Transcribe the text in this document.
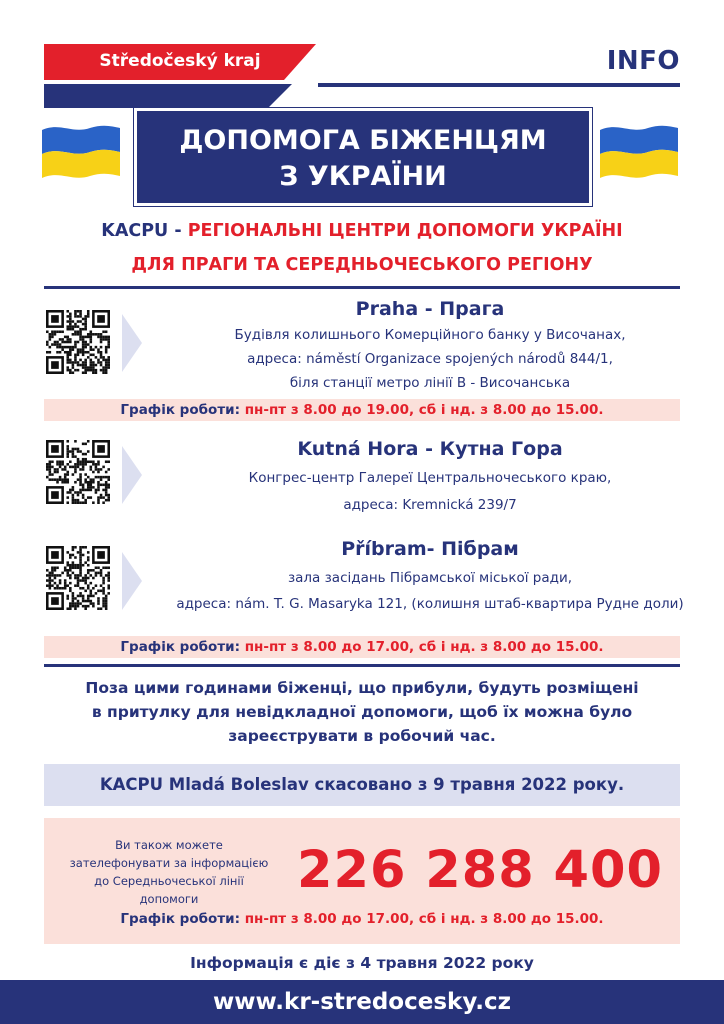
Středočeský kraj	INFO
ДОПОМОГА БІЖЕНЦЯМ
З УКРАЇНИ
KACPU - РЕГІОНАЛЬНІ ЦЕНТРИ ДОПОМОГИ УКРАЇНІ
ДЛЯ ПРАГИ ТА СЕРЕДНЬОЧЕСЬКОГО РЕГІОНУ
Praha - Прага
Будівля колишнього Комерційного банку у Височанах,
адреса: náměstí Organizace spojených národů 844/1,
біля станції метро лінії B - Височанська
Графік роботи: пн-пт з 8.00 до 19.00, сб і нд. з 8.00 до 15.00.
Kutná Hora - Кутна Гора
Конгрес-центр Галереї Центральночеського краю,
адреса: Kremnická 239/7
Příbram- Пібрам
зала засідань Пібрамської міської ради,
адреса: nám. T. G. Masaryka 121, (колишня штаб-квартира Рудне доли)
Графік роботи: пн-пт з 8.00 до 17.00, сб і нд. з 8.00 до 15.00.
Поза цими годинами біженці, що прибули, будуть розміщені
в притулку для невідкладної допомоги, щоб їх можна було
зареєструвати в робочий час.
KACPU Mladá Boleslav скасовано з 9 травня 2022 року.
Ви також можете
зателефонувати за інформацією
до Середньочеської лінії
допомоги	226 288 400
Графік роботи: пн-пт з 8.00 до 17.00, сб і нд. з 8.00 до 15.00.
Інформація є діє з 4 травня 2022 року
www.kr-stredocesky.cz
